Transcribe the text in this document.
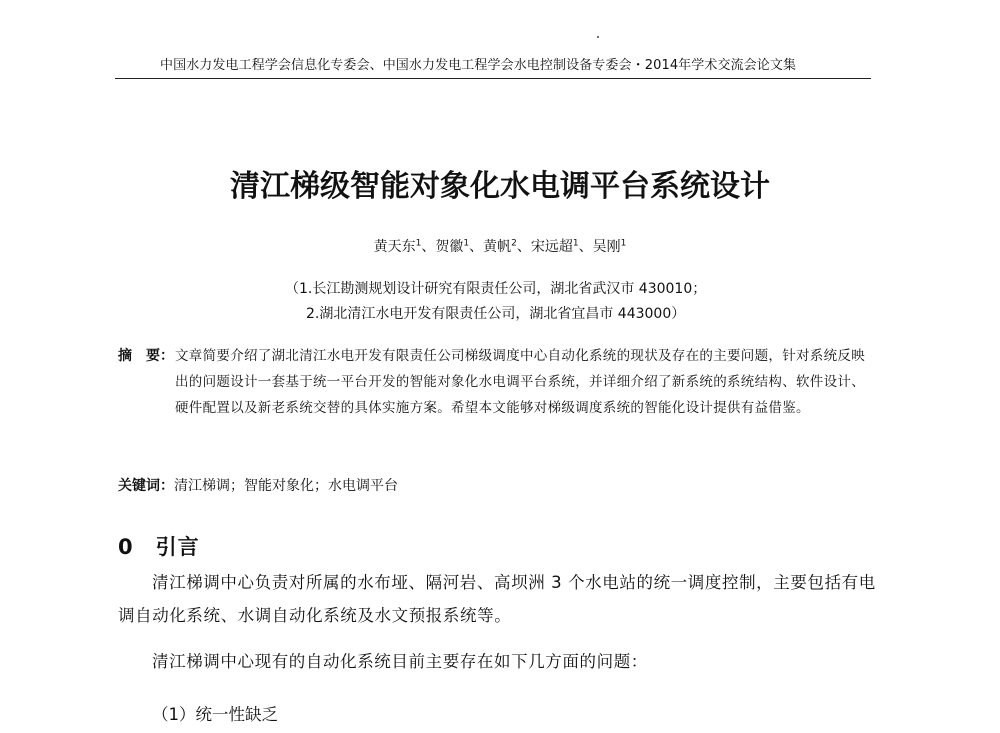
中国水力发电工程学会信息化专委会、中国水力发电工程学会水电控制设备专委会・2014年学术交流会论文集
清江梯级智能对象化水电调平台系统设计
黄天东$^1$、贺徽$^1$、黄帆$^2$、宋远超$^1$、吴刚$^1$
（1.长江勘测规划设计研究有限责任公司，湖北省武汉市 430010；
2.湖北清江水电开发有限责任公司，湖北省宜昌市 443000）
摘　要： 文章简要介绍了湖北清江水电开发有限责任公司梯级调度中心自动化系统的现状及存在的主要问题，针对系统反映出的问题设计一套基于统一平台开发的智能对象化水电调平台系统，并详细介绍了新系统的系统结构、软件设计、硬件配置以及新老系统交替的具体实施方案。希望本文能够对梯级调度系统的智能化设计提供有益借鉴。
关键词：清江梯调；智能对象化；水电调平台
0 引言
清江梯调中心负责对所属的水布垭、隔河岩、高坝洲 3 个水电站的统一调度控制，主要包括有电调自动化系统、水调自动化系统及水文预报系统等。
清江梯调中心现有的自动化系统目前主要存在如下几方面的问题：
（1）统一性缺乏
